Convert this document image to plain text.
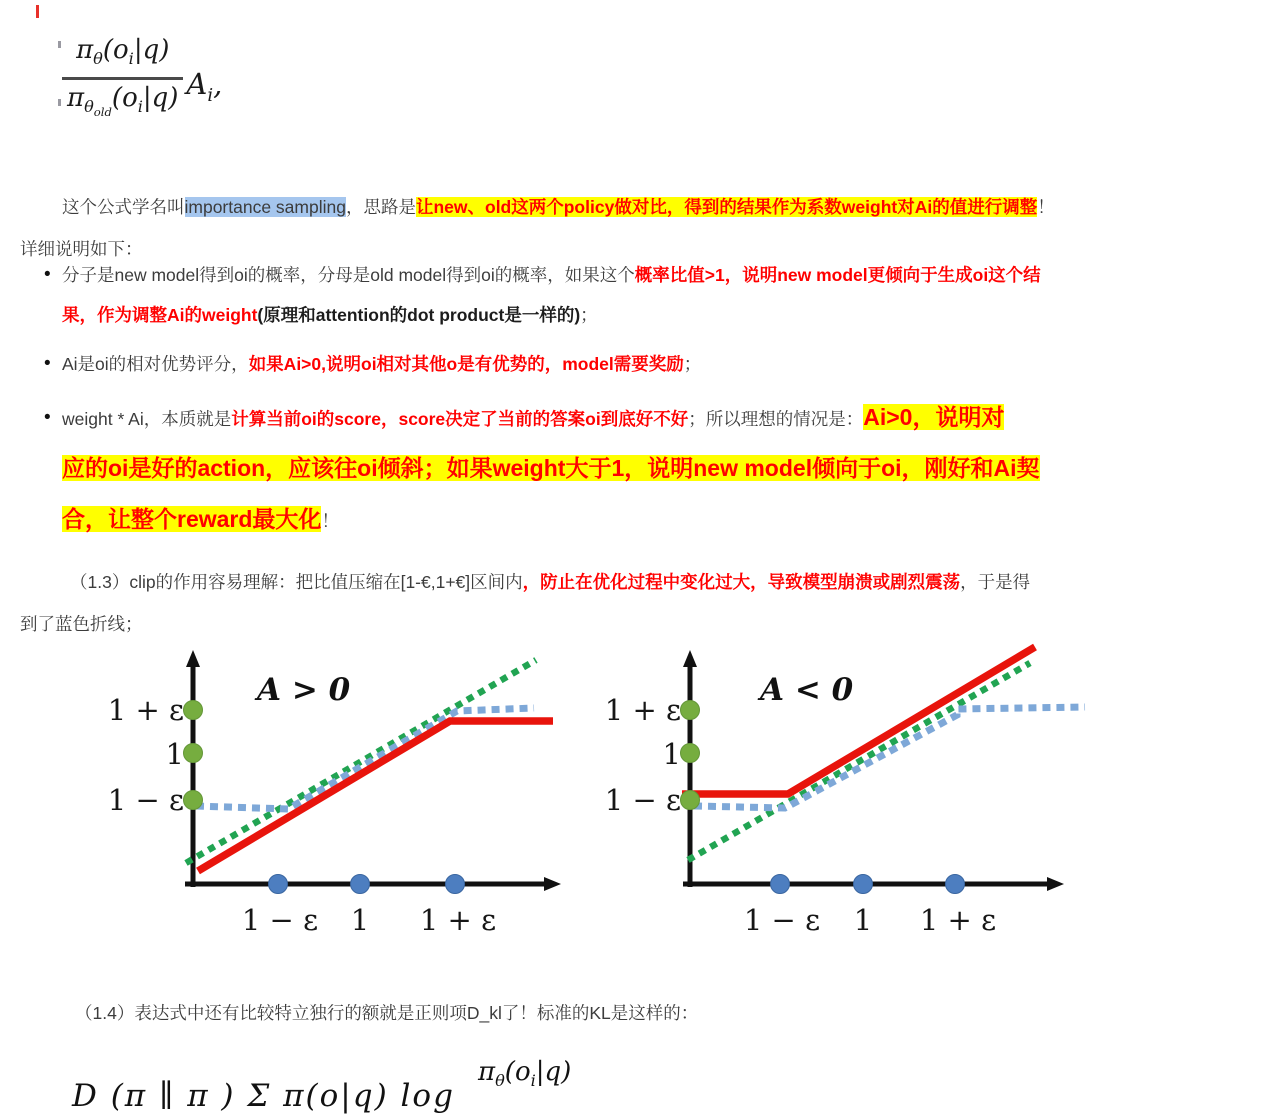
$\frac{\pi_\theta(o_i|q)}{\pi_{\theta_{old}}(o_i|q)} A_i$,

这个公式学名叫importance sampling，思路是让new、old这两个policy做对比，得到的结果作为系数weight对Ai的值进行调整！
详细说明如下：

• 分子是new model得到oi的概率，分母是old model得到oi的概率，如果这个概率比值>1，说明new model更倾向于生成oi这个结
果，作为调整Ai的weight(原理和attention的dot product是一样的)；
• Ai是oi的相对优势评分，如果Ai>0,说明oi相对其他o是有优势的，model需要奖励；
• weight * Ai，本质就是计算当前oi的score，score决定了当前的答案oi到底好不好；所以理想的情况是：Ai>0，说明对
应的oi是好的action，应该往oi倾斜；如果weight大于1，说明new model倾向于oi，刚好和Ai契
合，让整个reward最大化！

（1.3）clip的作用容易理解：把比值压缩在[1-€,1+€]区间内，防止在优化过程中变化过大，导致模型崩溃或剧烈震荡，于是得
到了蓝色折线；

1 + ε
1
1 − ε
1 − ε 1 1 + ε
A > 0
1 + ε
1
1 − ε
1 − ε 1 1 + ε
A < 0

（1.4）表达式中还有比较特立独行的额就是正则项D_kl了！标准的KL是这样的：

D (π ∥ π ) Σ π(o|q) log
$\pi_\theta(o_i|q)$
